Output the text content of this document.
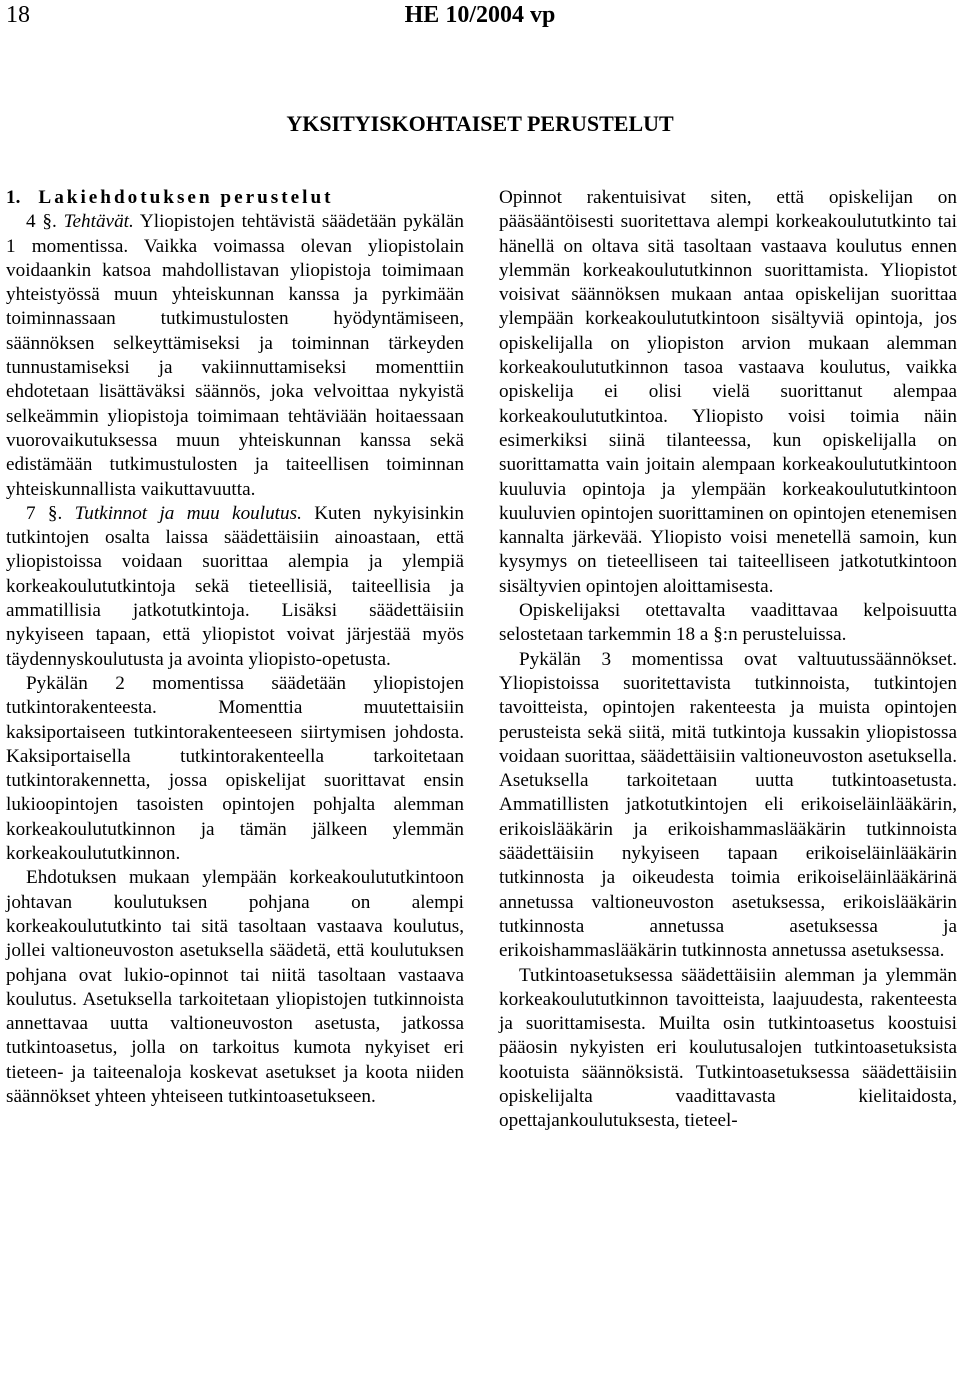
18	HE 10/2004 vp
YKSITYISKOHTAISET PERUSTELUT

1. Lakiehdotuksen perustelut

4 §. Tehtävät. Yliopistojen tehtävistä säädetään pykälän 1 momentissa. Vaikka voimassa olevan yliopistolain voidaankin katsoa mahdollistavan yliopistoja toimimaan yhteistyössä muun yhteiskunnan kanssa ja pyrkimään toiminnassaan tutkimustulosten hyödyntämiseen, säännöksen selkeyttämiseksi ja toiminnan tärkeyden tunnustamiseksi ja vakiinnuttamiseksi momenttiin ehdotetaan lisättäväksi säännös, joka velvoittaa nykyistä selkeämmin yliopistoja toimimaan tehtäviään hoitaessaan vuorovaikutuksessa muun yhteiskunnan kanssa sekä edistämään tutkimustulosten ja taiteellisen toiminnan yhteiskunnallista vaikuttavuutta.

7 §. Tutkinnot ja muu koulutus. Kuten nykyisinkin tutkintojen osalta laissa säädettäisiin ainoastaan, että yliopistoissa voidaan suorittaa alempia ja ylempiä korkeakoulututkintoja sekä tieteellisiä, taiteellisia ja ammatillisia jatkotutkintoja. Lisäksi säädettäisiin nykyiseen tapaan, että yliopistot voivat järjestää myös täydennyskoulutusta ja avointa yliopisto-opetusta.

Pykälän 2 momentissa säädetään yliopistojen tutkintorakenteesta. Momenttia muutettaisiin kaksiportaiseen tutkintorakenteeseen siirtymisen johdosta. Kaksiportaisella tutkintorakenteella tarkoitetaan tutkintorakennetta, jossa opiskelijat suorittavat ensin lukioopintojen tasoisten opintojen pohjalta alemman korkeakoulututkinnon ja tämän jälkeen ylemmän korkeakoulututkinnon.

Ehdotuksen mukaan ylempään korkeakoulututkintoon johtavan koulutuksen pohjana on alempi korkeakoulututkinto tai sitä tasoltaan vastaava koulutus, jollei valtioneuvoston asetuksella säädetä, että koulutuksen pohjana ovat lukio-opinnot tai niitä tasoltaan vastaava koulutus. Asetuksella tarkoitetaan yliopistojen tutkinnoista annettavaa uutta valtioneuvoston asetusta, jatkossa tutkintoasetus, jolla on tarkoitus kumota nykyiset eri tieteen- ja taiteenaloja koskevat asetukset ja koota niiden säännökset yhteen yhteiseen tutkintoasetukseen.

Opinnot rakentuisivat siten, että opiskelijan on pääsääntöisesti suoritettava alempi korkeakoulututkinto tai hänellä on oltava sitä tasoltaan vastaava koulutus ennen ylemmän korkeakoulututkinnon suorittamista. Yliopistot voisivat säännöksen mukaan antaa opiskelijan suorittaa ylempään korkeakoulututkintoon sisältyviä opintoja, jos opiskelijalla on yliopiston arvion mukaan alemman korkeakoulututkinnon tasoa vastaava koulutus, vaikka opiskelija ei olisi vielä suorittanut alempaa korkeakoulututkintoa. Yliopisto voisi toimia näin esimerkiksi siinä tilanteessa, kun opiskelijalla on suorittamatta vain joitain alempaan korkeakoulututkintoon kuuluvia opintoja ja ylempään korkeakoulututkintoon kuuluvien opintojen suorittaminen on opintojen etenemisen kannalta järkevää. Yliopisto voisi menetellä samoin, kun kysymys on tieteelliseen tai taiteelliseen jatkotutkintoon sisältyvien opintojen aloittamisesta.

Opiskelijaksi otettavalta vaadittavaa kelpoisuutta selostetaan tarkemmin 18 a §:n perusteluissa.

Pykälän 3 momentissa ovat valtuutussäännökset. Yliopistoissa suoritettavista tutkinnoista, tutkintojen tavoitteista, opintojen rakenteesta ja muista opintojen perusteista sekä siitä, mitä tutkintoja kussakin yliopistossa voidaan suorittaa, säädettäisiin valtioneuvoston asetuksella. Asetuksella tarkoitetaan uutta tutkintoasetusta. Ammatillisten jatkotutkintojen eli erikoiseläinlääkärin, erikoislääkärin ja erikoishammaslääkärin tutkinnoista säädettäisiin nykyiseen tapaan erikoiseläinlääkärin tutkinnosta ja oikeudesta toimia erikoiseläinlääkärinä annetussa valtioneuvoston asetuksessa, erikoislääkärin tutkinnosta annetussa asetuksessa ja erikoishammaslääkärin tutkinnosta annetussa asetuksessa.

Tutkintoasetuksessa säädettäisiin alemman ja ylemmän korkeakoulututkinnon tavoitteista, laajuudesta, rakenteesta ja suorittamisesta. Muilta osin tutkintoasetus koostuisi pääosin nykyisten eri koulutusalojen tutkintoasetuksista kootuista säännöksistä. Tutkintoasetuksessa säädettäisiin opiskelijalta vaadittavasta kielitaidosta, opettajankoulutuksesta, tieteel-
